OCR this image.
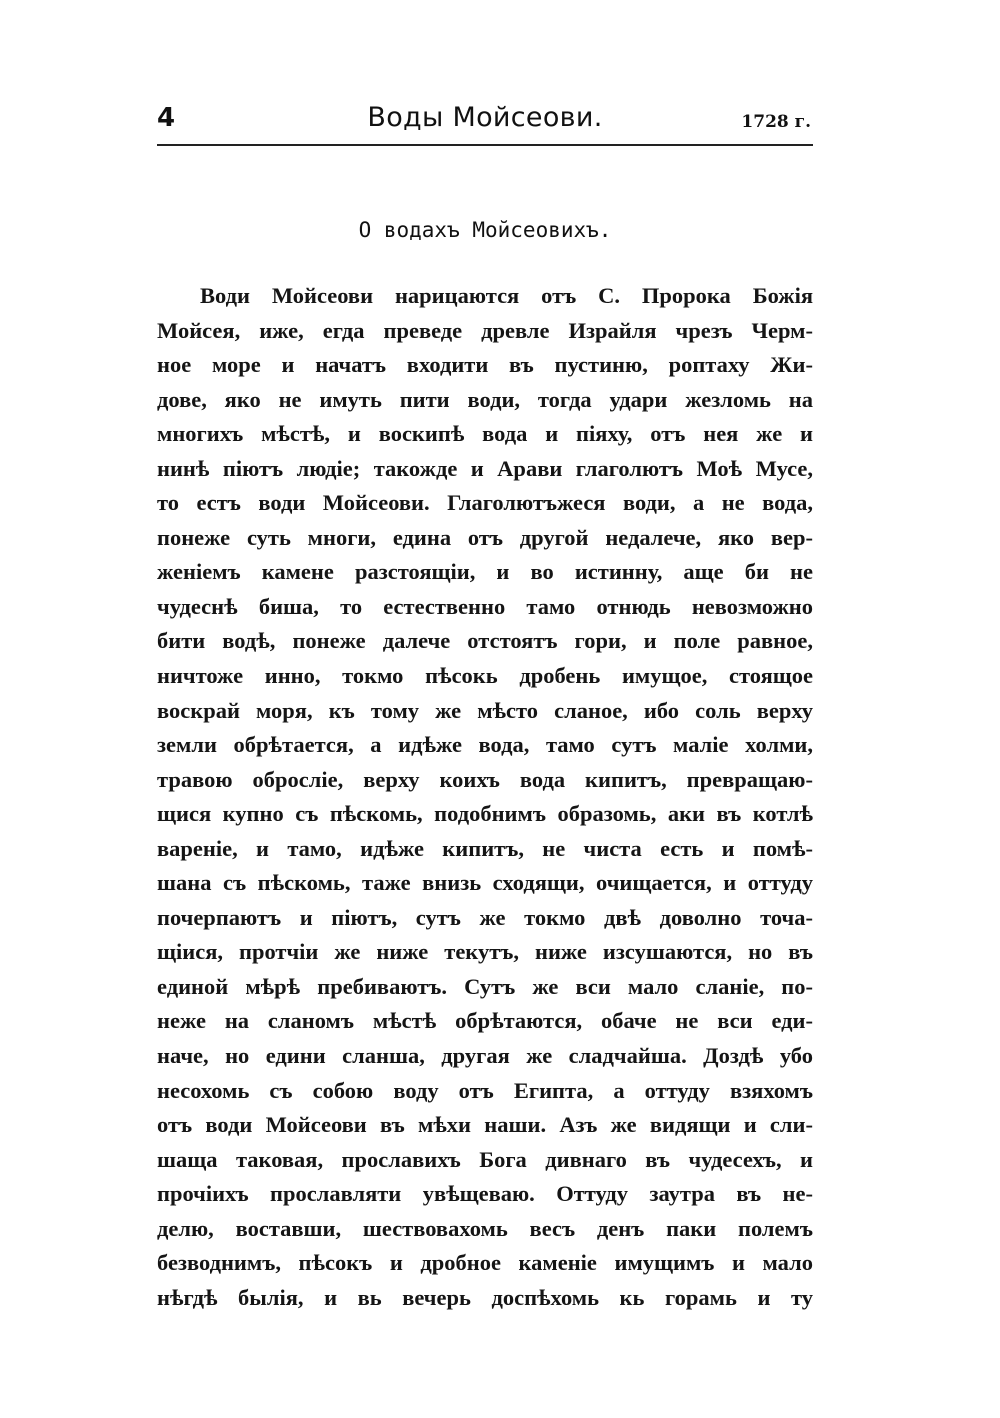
4	Воды Мойсеови.	1728 г.
О водахъ Мойсеовихъ.
Води Мойсеови нарицаются отъ С. Пророка Божія
Мойсея, иже, егда преведе древле Израйля чрезъ Черм-
ное море и начатъ входити въ пустиню, роптаху Жи-
дове, яко не имуть пити води, тогда удари жезломь на
многихъ мѣстѣ, и воскипѣ вода и піяху, отъ нея же и
нинѣ піютъ людіе; такожде и Арави глаголютъ Моѣ Мусе,
то естъ води Мойсеови. Глаголютъжеся води, а не вода,
понеже суть многи, едина отъ другой недалече, яко вер-
женіемъ камене разстоящіи, и во истинну, аще би не
чудеснѣ биша, то естественно тамо отнюдь невозможно
бити водѣ, понеже далече отстоятъ гори, и поле равное,
ничтоже инно, токмо пѣсокь дробень имущое, стоящое
воскрай моря, къ тому же мѣсто сланое, ибо соль верху
земли обрѣтается, а идѣже вода, тамо сутъ маліе холми,
травою обросліе, верху коихъ вода кипитъ, превращаю-
щися купно съ пѣскомь, подобнимъ образомь, аки въ котлѣ
вареніе, и тамо, идѣже кипитъ, не чиста есть и помѣ-
шана съ пѣскомь, таже внизь сходящи, очищается, и оттуду
почерпаютъ и піютъ, сутъ же токмо двѣ доволно точа-
щіися, протчіи же ниже текутъ, ниже изсушаются, но въ
единой мѣрѣ пребиваютъ. Сутъ же вси мало сланіе, по-
неже на сланомъ мѣстѣ обрѣтаются, обаче не вси еди-
наче, но едини сланша, другая же сладчайша. Доздѣ убо
несохомь съ собою воду отъ Египта, а оттуду взяхомъ
отъ води Мойсеови въ мѣхи наши. Азъ же видящи и сли-
шаща таковая, прославихъ Бога дивнаго въ чудесехъ, и
прочіихъ прославляти увѣщеваю. Оттуду заутра въ не-
делю, воставши, шествовахомь весъ денъ паки полемъ
безводнимъ, пѣсокъ и дробное каменіе имущимъ и мало
нѣгдѣ былія, и вь вечерь доспѣхомь кь горамь и ту
